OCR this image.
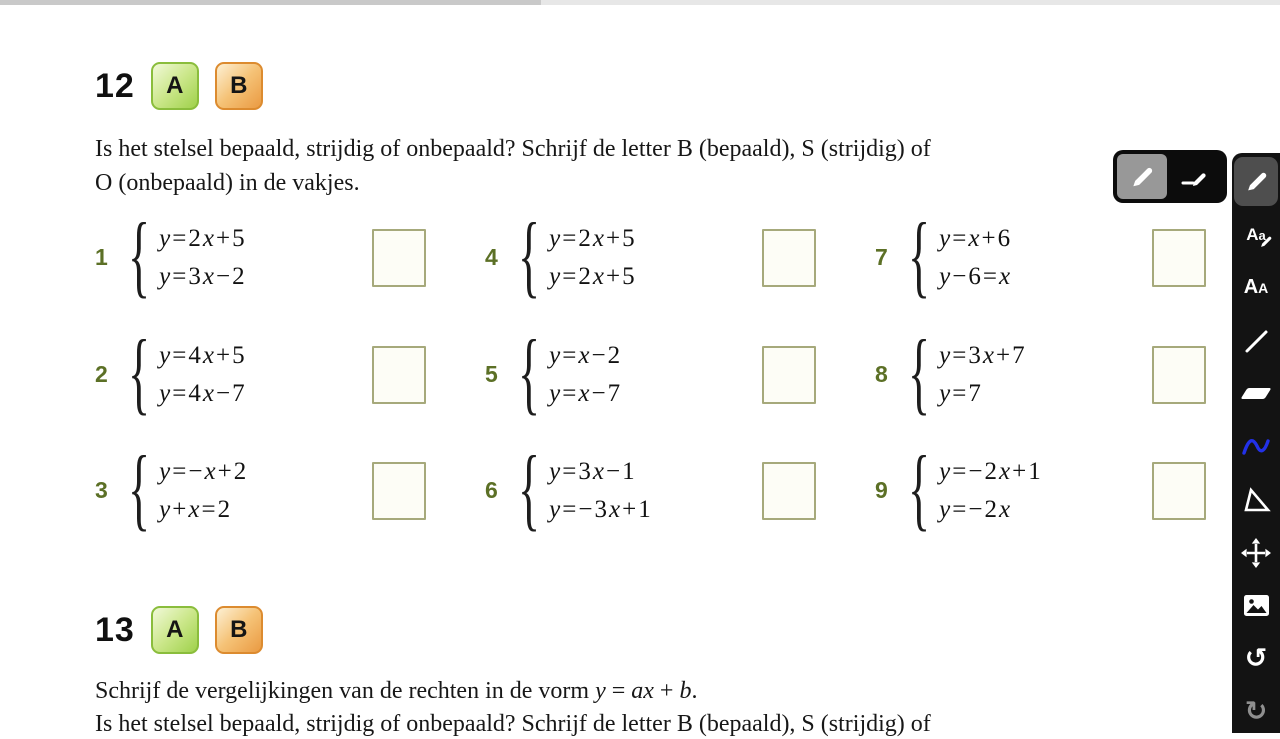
12	A	B
Is het stelsel bepaald, strijdig of onbepaald? Schrijf de letter B (bepaald), S (strijdig) of
O (onbepaald) in de vakjes.
1 { y=2x+5
y=3x−2
4 { y=2x+5
y=2x+5
7 { y=x+6
y−6=x
2 { y=4x+5
y=4x−7
5 { y=x−2
y=x−7
8 { y=3x+7
y=7
3 { y=−x+2
y+x=2
6 { y=3x−1
y=−3x+1
9 { y=−2x+1
y=−2x
13	A	B
Schrijf de vergelijkingen van de rechten in de vorm y = ax + b.
Is het stelsel bepaald, strijdig of onbepaald? Schrijf de letter B (bepaald), S (strijdig) of
Aa
A A
↺
↻
